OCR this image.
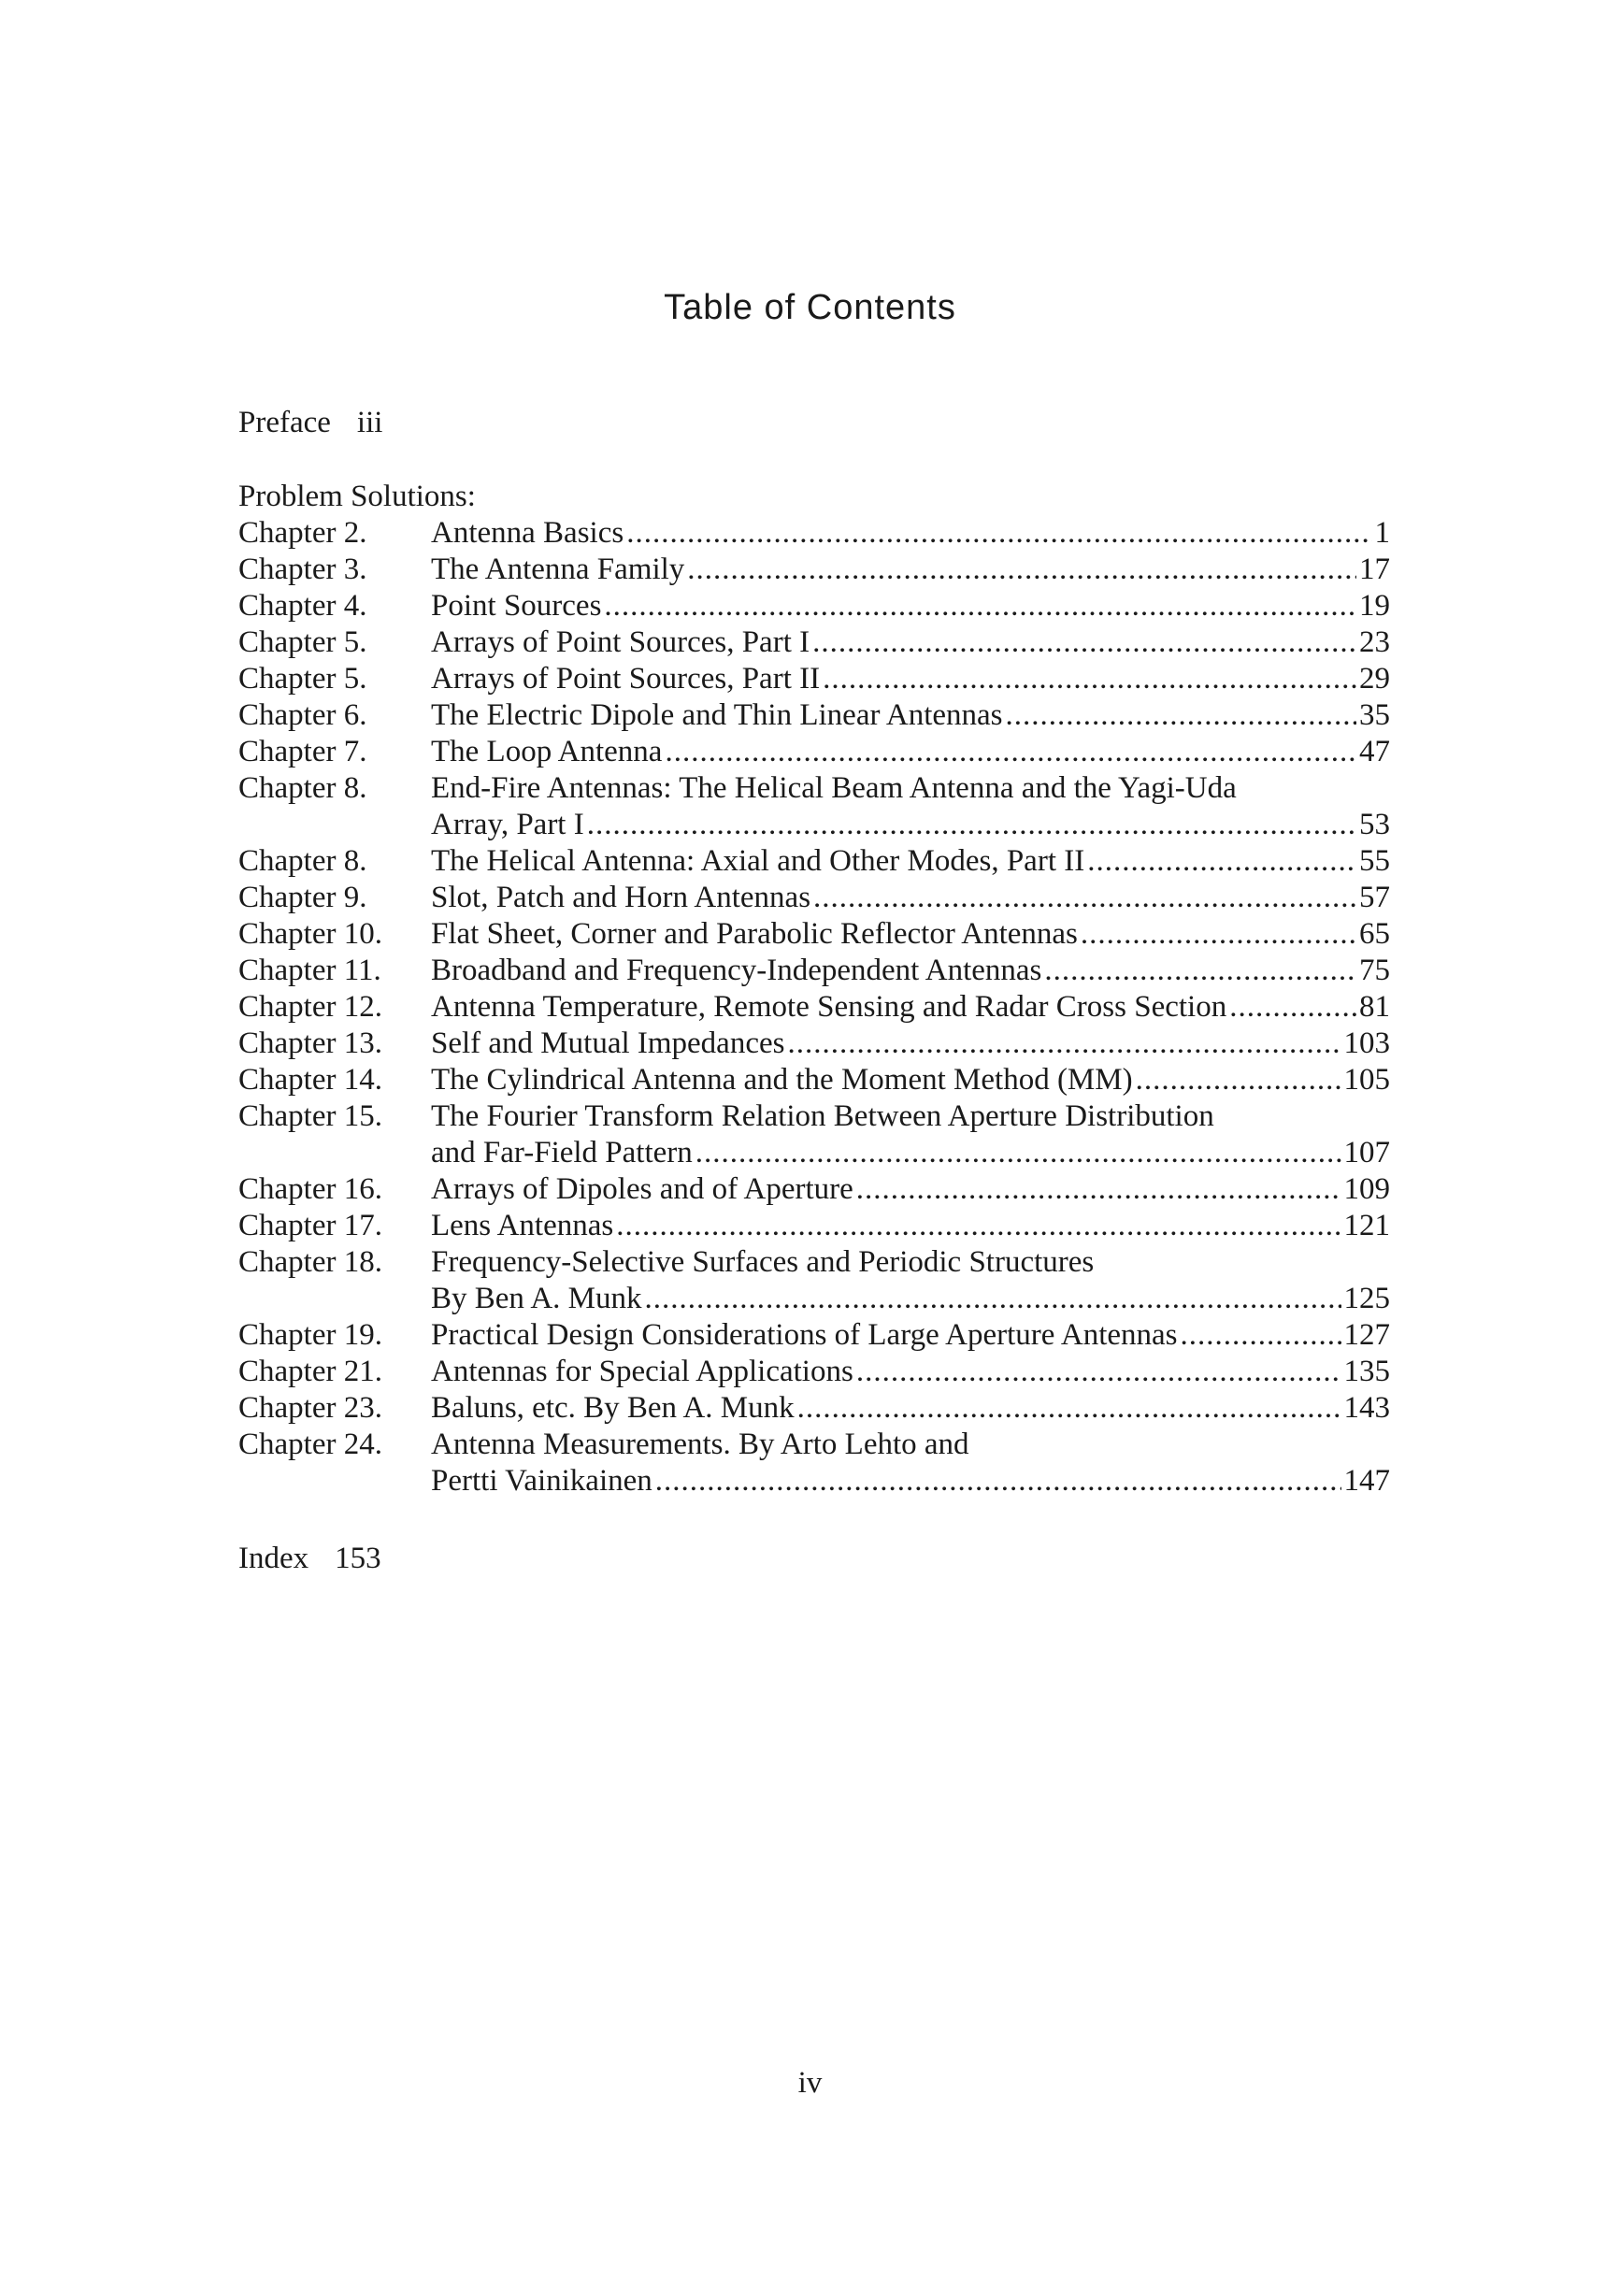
Table of Contents
Preface iii
Problem Solutions:
Chapter 2.	Antenna Basics .....	1
Chapter 3.	The Antenna Family .....	17
Chapter 4.	Point Sources .....	19
Chapter 5.	Arrays of Point Sources, Part I .....	23
Chapter 5.	Arrays of Point Sources, Part II .....	29
Chapter 6.	The Electric Dipole and Thin Linear Antennas .....	35
Chapter 7.	The Loop Antenna .....	47
Chapter 8.	End-Fire Antennas: The Helical Beam Antenna and the Yagi-Uda
Array, Part I .....	53
Chapter 8.	The Helical Antenna: Axial and Other Modes, Part II .....	55
Chapter 9.	Slot, Patch and Horn Antennas .....	57
Chapter 10.	Flat Sheet, Corner and Parabolic Reflector Antennas .....	65
Chapter 11.	Broadband and Frequency-Independent Antennas .....	75
Chapter 12.	Antenna Temperature, Remote Sensing and Radar Cross Section .....	81
Chapter 13.	Self and Mutual Impedances .....	103
Chapter 14.	The Cylindrical Antenna and the Moment Method (MM) .....	105
Chapter 15.	The Fourier Transform Relation Between Aperture Distribution
and Far-Field Pattern .....	107
Chapter 16.	Arrays of Dipoles and of Aperture .....	109
Chapter 17.	Lens Antennas .....	121
Chapter 18.	Frequency-Selective Surfaces and Periodic Structures
By Ben A. Munk .....	125
Chapter 19.	Practical Design Considerations of Large Aperture Antennas .....	127
Chapter 21.	Antennas for Special Applications .....	135
Chapter 23.	Baluns, etc. By Ben A. Munk .....	143
Chapter 24.	Antenna Measurements. By Arto Lehto and
Pertti Vainikainen .....	147
Index 153
iv
